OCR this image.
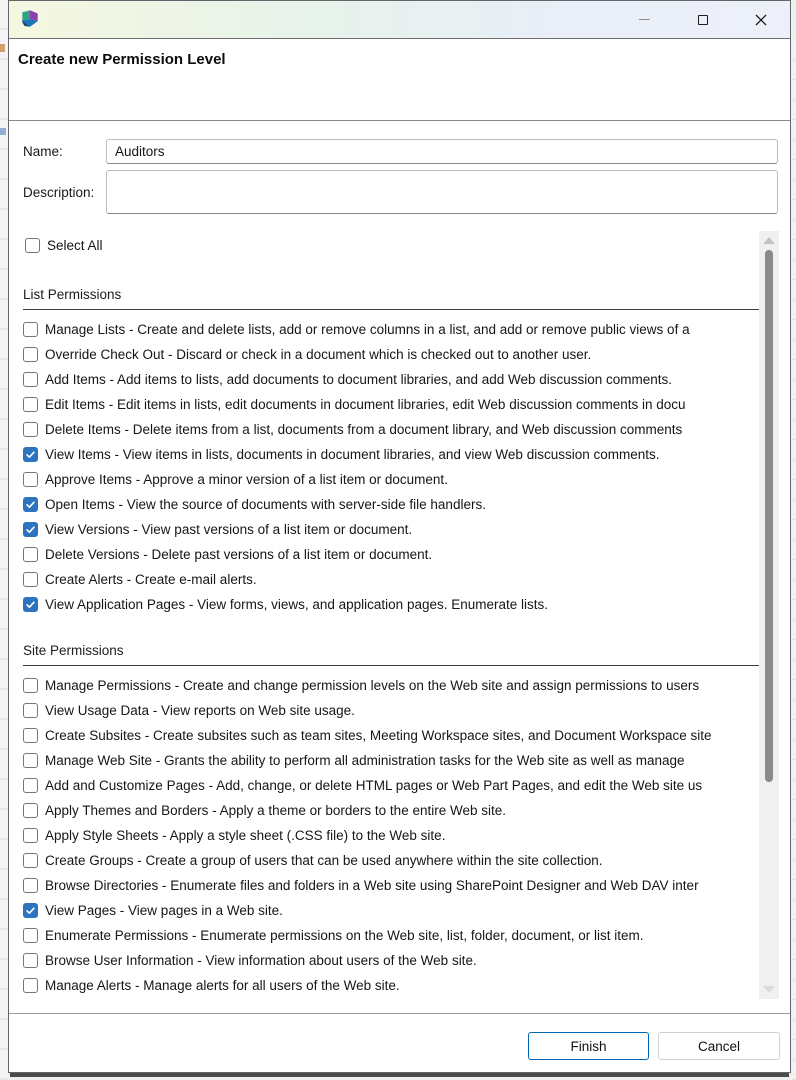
Create new Permission Level
Name:
Auditors
Description:
Select All
List Permissions
Manage Lists - Create and delete lists, add or remove columns in a list, and add or remove public views of a
Override Check Out - Discard or check in a document which is checked out to another user.
Add Items - Add items to lists, add documents to document libraries, and add Web discussion comments.
Edit Items - Edit items in lists, edit documents in document libraries, edit Web discussion comments in docu
Delete Items - Delete items from a list, documents from a document library, and Web discussion comments
View Items - View items in lists, documents in document libraries, and view Web discussion comments.
Approve Items - Approve a minor version of a list item or document.
Open Items - View the source of documents with server-side file handlers.
View Versions - View past versions of a list item or document.
Delete Versions - Delete past versions of a list item or document.
Create Alerts - Create e-mail alerts.
View Application Pages - View forms, views, and application pages. Enumerate lists.
Site Permissions
Manage Permissions - Create and change permission levels on the Web site and assign permissions to users
View Usage Data - View reports on Web site usage.
Create Subsites - Create subsites such as team sites, Meeting Workspace sites, and Document Workspace site
Manage Web Site - Grants the ability to perform all administration tasks for the Web site as well as manage
Add and Customize Pages - Add, change, or delete HTML pages or Web Part Pages, and edit the Web site us
Apply Themes and Borders - Apply a theme or borders to the entire Web site.
Apply Style Sheets - Apply a style sheet (.CSS file) to the Web site.
Create Groups - Create a group of users that can be used anywhere within the site collection.
Browse Directories - Enumerate files and folders in a Web site using SharePoint Designer and Web DAV inter
View Pages - View pages in a Web site.
Enumerate Permissions - Enumerate permissions on the Web site, list, folder, document, or list item.
Browse User Information - View information about users of the Web site.
Manage Alerts - Manage alerts for all users of the Web site.
Finish	Cancel
